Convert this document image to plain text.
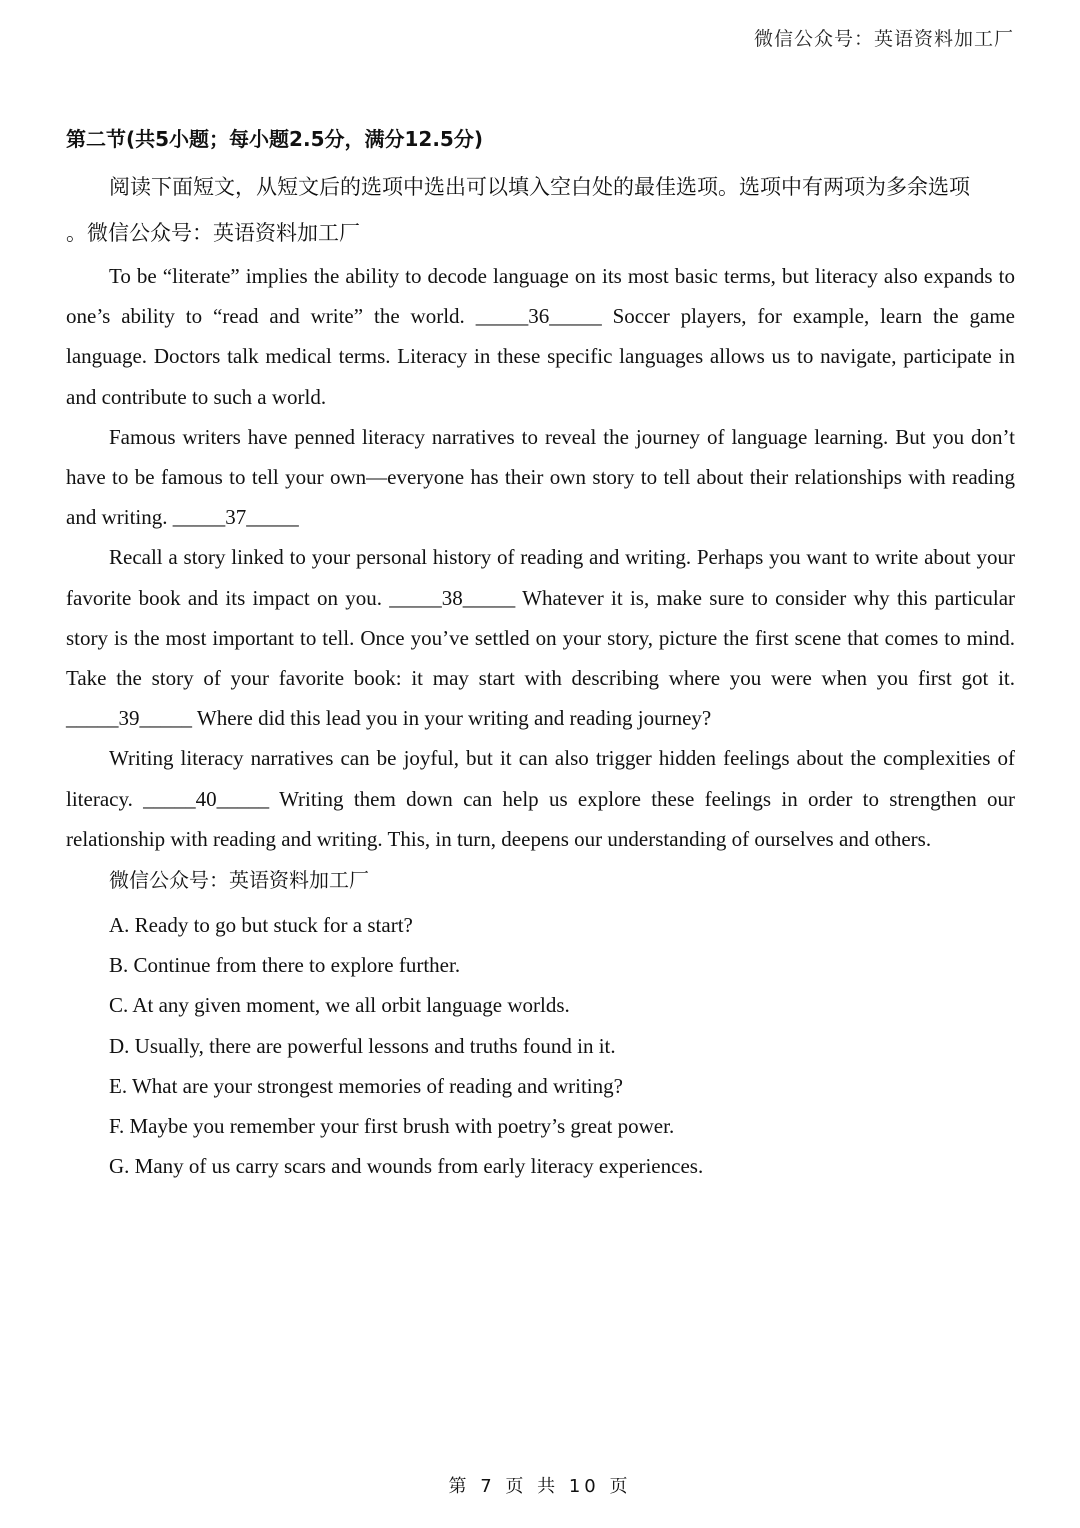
微信公众号：英语资料加工厂
第二节(共5小题；每小题2.5分，满分12.5分)

阅读下面短文，从短文后的选项中选出可以填入空白处的最佳选项。选项中有两项为多余选项

。微信公众号：英语资料加工厂

To be “literate” implies the ability to decode language on its most basic terms, but literacy also expands to one’s ability to “read and write” the world. _____36_____ Soccer players, for example, learn the game language. Doctors talk medical terms. Literacy in these specific languages allows us to navigate, participate in and contribute to such a world.

Famous writers have penned literacy narratives to reveal the journey of language learning. But you don’t have to be famous to tell your own—everyone has their own story to tell about their relationships with reading and writing. _____37_____

Recall a story linked to your personal history of reading and writing. Perhaps you want to write about your favorite book and its impact on you. _____38_____ Whatever it is, make sure to consider why this particular story is the most important to tell. Once you’ve settled on your story, picture the first scene that comes to mind. Take the story of your favorite book: it may start with describing where you were when you first got it. _____39_____ Where did this lead you in your writing and reading journey?

Writing literacy narratives can be joyful, but it can also trigger hidden feelings about the complexities of literacy. _____40_____ Writing them down can help us explore these feelings in order to strengthen our relationship with reading and writing. This, in turn, deepens our understanding of ourselves and others.

微信公众号：英语资料加工厂

A. Ready to go but stuck for a start?
B. Continue from there to explore further.
C. At any given moment, we all orbit language worlds.
D. Usually, there are powerful lessons and truths found in it.
E. What are your strongest memories of reading and writing?
F. Maybe you remember your first brush with poetry’s great power.
G. Many of us carry scars and wounds from early literacy experiences.
第 7 页 共 10 页
